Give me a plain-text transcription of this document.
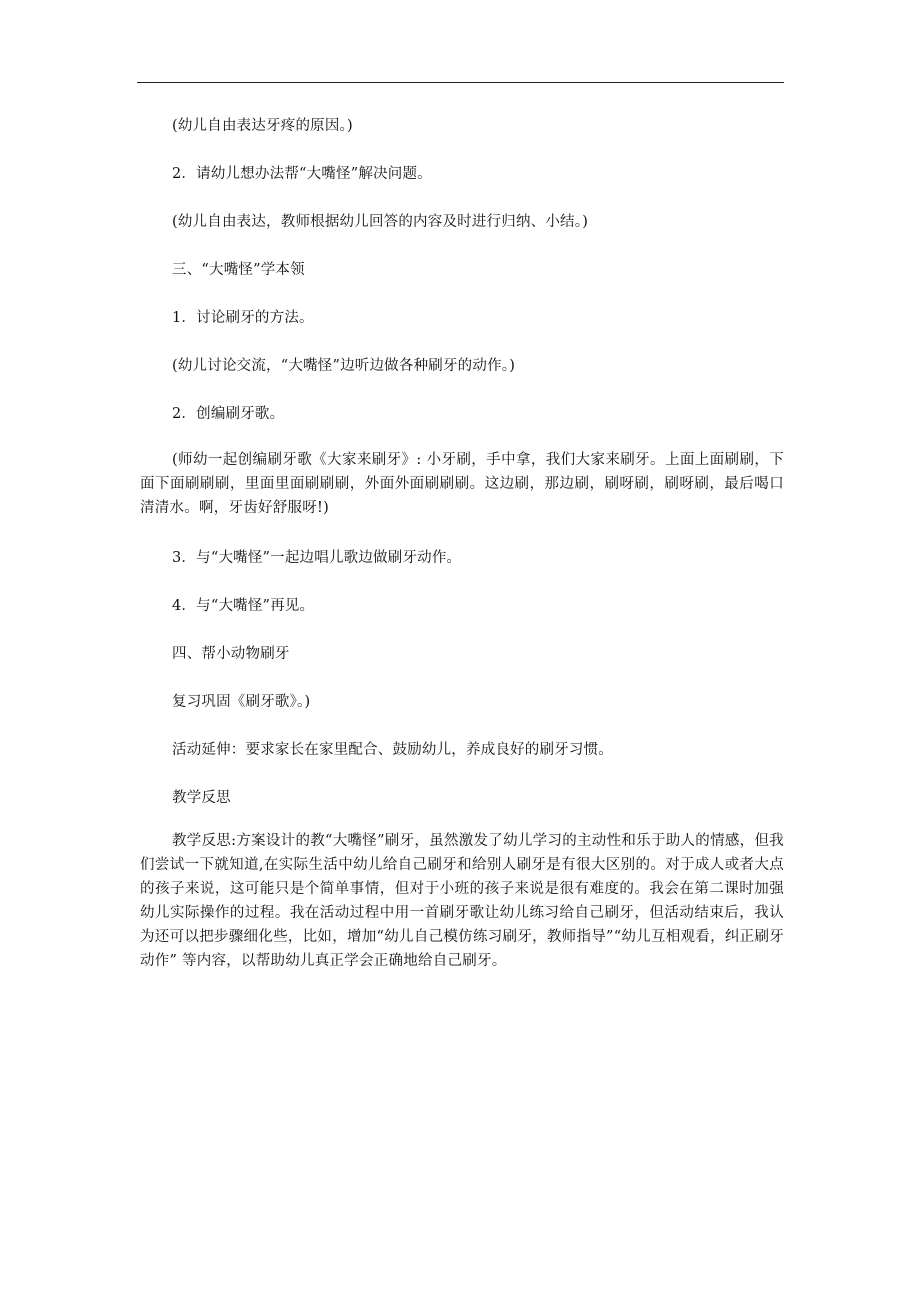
(幼儿自由表达牙疼的原因。)
2．请幼儿想办法帮“大嘴怪”解决问题。
(幼儿自由表达，教师根据幼儿回答的内容及时进行归纳、小结。)
三、“大嘴怪”学本领
1．讨论刷牙的方法。
(幼儿讨论交流，“大嘴怪”边听边做各种刷牙的动作。)
2．创编刷牙歌。
(师幼一起创编刷牙歌《大家来刷牙》: 小牙刷，手中拿，我们大家来刷牙。上面上面刷刷，下面下面刷刷刷，里面里面刷刷刷，外面外面刷刷刷。这边刷，那边刷，刷呀刷，刷呀刷，最后喝口清清水。啊，牙齿好舒服呀!)
3．与“大嘴怪”一起边唱儿歌边做刷牙动作。
4．与“大嘴怪”再见。
四、帮小动物刷牙
复习巩固《刷牙歌》。)
活动延伸：要求家长在家里配合、鼓励幼儿，养成良好的刷牙习惯。
教学反思
教学反思:方案设计的教“大嘴怪”刷牙，虽然激发了幼儿学习的主动性和乐于助人的情感，但我们尝试一下就知道,在实际生活中幼儿给自己刷牙和给别人刷牙是有很大区别的。对于成人或者大点的孩子来说，这可能只是个简单事情，但对于小班的孩子来说是很有难度的。我会在第二课时加强幼儿实际操作的过程。我在活动过程中用一首刷牙歌让幼儿练习给自己刷牙，但活动结束后，我认为还可以把步骤细化些，比如，增加“幼儿自己模仿练习刷牙，教师指导”“幼儿互相观看，纠正刷牙动作” 等内容，以帮助幼儿真正学会正确地给自己刷牙。
